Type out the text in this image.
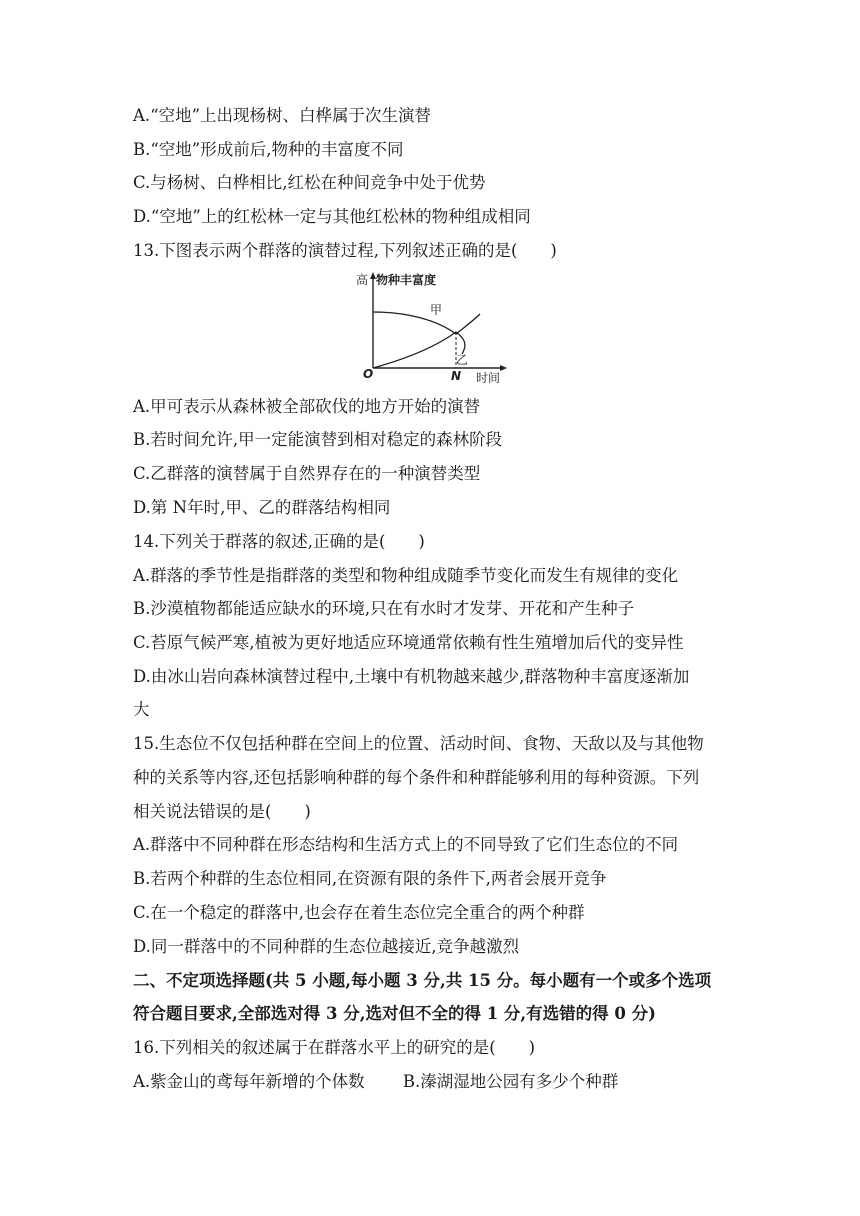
A.“空地”上出现杨树、白桦属于次生演替
B.“空地”形成前后,物种的丰富度不同
C.与杨树、白桦相比,红松在种间竞争中处于优势
D.“空地”上的红松林一定与其他红松林的物种组成相同
13.下图表示两个群落的演替过程,下列叙述正确的是(　　)
高 物种丰富度
O	N 时间
甲
乙
A.甲可表示从森林被全部砍伐的地方开始的演替
B.若时间允许,甲一定能演替到相对稳定的森林阶段
C.乙群落的演替属于自然界存在的一种演替类型
D.第 N年时,甲、乙的群落结构相同
14.下列关于群落的叙述,正确的是(　　)
A.群落的季节性是指群落的类型和物种组成随季节变化而发生有规律的变化
B.沙漠植物都能适应缺水的环境,只在有水时才发芽、开花和产生种子
C.苔原气候严寒,植被为更好地适应环境通常依赖有性生殖增加后代的变异性
D.由冰山岩向森林演替过程中,土壤中有机物越来越少,群落物种丰富度逐渐加
大
15.生态位不仅包括种群在空间上的位置、活动时间、食物、天敌以及与其他物
种的关系等内容,还包括影响种群的每个条件和种群能够利用的每种资源。下列
相关说法错误的是(　　)
A.群落中不同种群在形态结构和生活方式上的不同导致了它们生态位的不同
B.若两个种群的生态位相同,在资源有限的条件下,两者会展开竞争
C.在一个稳定的群落中,也会存在着生态位完全重合的两个种群
D.同一群落中的不同种群的生态位越接近,竞争越激烈
二、不定项选择题(共 5 小题,每小题 3 分,共 15 分。每小题有一个或多个选项
符合题目要求,全部选对得 3 分,选对但不全的得 1 分,有选错的得 0 分)
16.下列相关的叙述属于在群落水平上的研究的是(　　)
A.紫金山的鸢每年新增的个体数　　 B.溱湖湿地公园有多少个种群
